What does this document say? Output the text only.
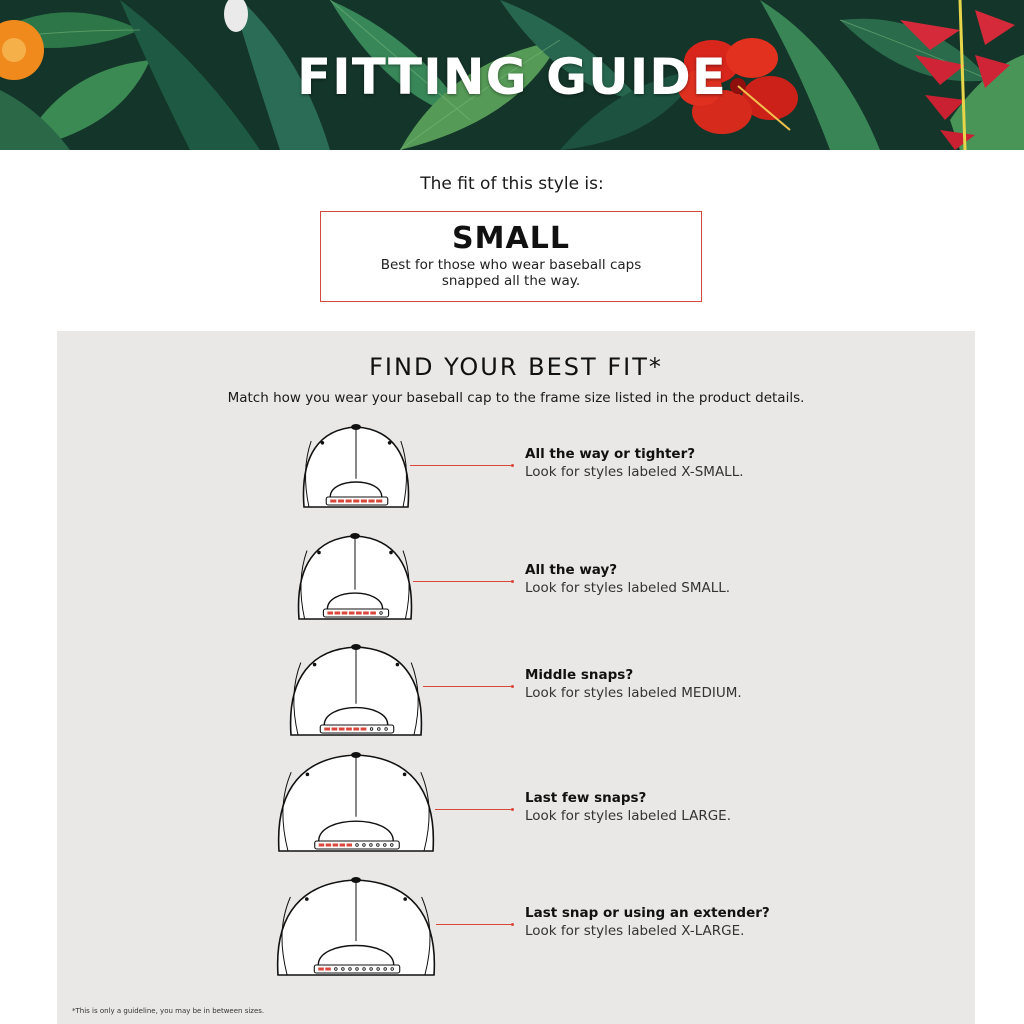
FITTING GUIDE
The fit of this style is:
SMALL
Best for those who wear baseball caps
snapped all the way.
FIND YOUR BEST FIT*
Match how you wear your baseball cap to the frame size listed in the product details.
All the way or tighter?
Look for styles labeled X-SMALL.
All the way?
Look for styles labeled SMALL.
Middle snaps?
Look for styles labeled MEDIUM.
Last few snaps?
Look for styles labeled LARGE.
Last snap or using an extender?
Look for styles labeled X-LARGE.
*This is only a guideline, you may be in between sizes.
